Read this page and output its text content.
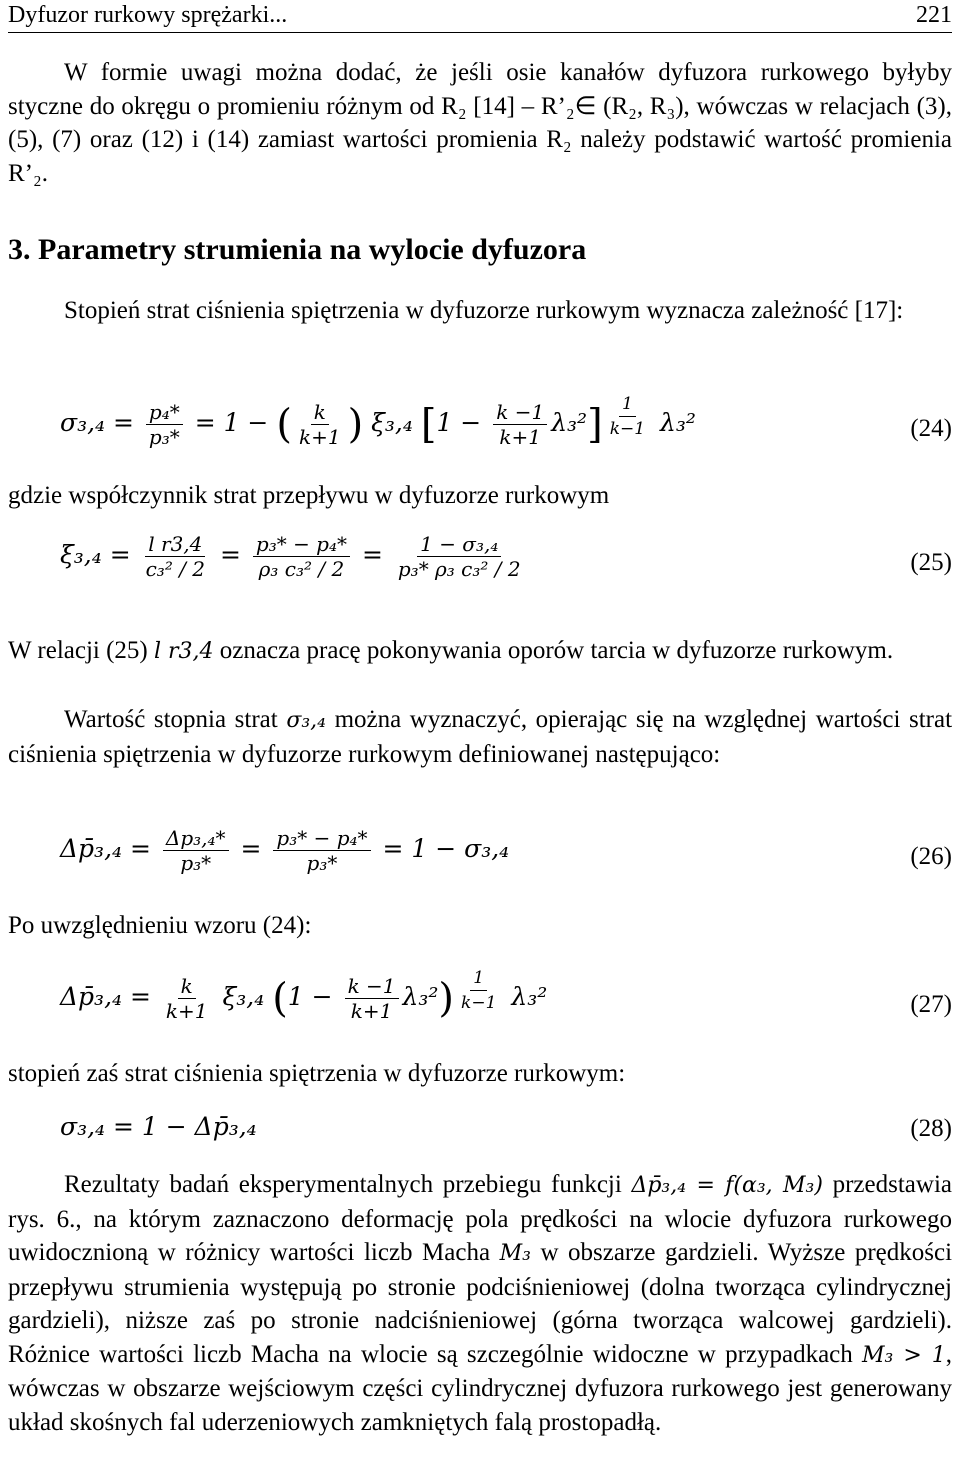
Dyfuzor rurkowy sprężarki...	221

W formie uwagi można dodać, że jeśli osie kanałów dyfuzora rurkowego byłyby styczne do okręgu o promieniu różnym od R₂ [14] – R’₂∈ (R₂, R₃), wówczas w relacjach (3), (5), (7) oraz (12) i (14) zamiast wartości promienia R₂ należy podstawić wartość promienia R’₂.

3. Parametry strumienia na wylocie dyfuzora

Stopień strat ciśnienia spiętrzenia w dyfuzorze rurkowym wyznacza zależność [17]:

$\sigma_3,_4 = \frac{\text{p₄*}}{\text{p₃*}} = 1$ − ( $\frac{k}{k+1}$ ) ξ₃,₄ $[1 - \frac{k -1}{k+1} \lambda_3^2] \frac{1}{k-1} \lambda_3^2$	(24)
gdzie współczynnik strat przepływu w dyfuzorze rurkowym
$\xi_3,_4 = \frac{\text{l r3,4}}{\text{c₃² / 2}} = \frac{\text{p₃* − p₄*}}{\text{ρ₃ c₃² / 2}} = \frac{\text{1 − σ₃,₄}}{\text{p₃* ρ₃ c₃² / 2}}$	(25)

W relacji (25) l r3,4 oznacza pracę pokonywania oporów tarcia w dyfuzorze rurkowym.

Wartość stopnia strat σ₃,₄ można wyznaczyć, opierając się na względnej wartości strat ciśnienia spiętrzenia w dyfuzorze rurkowym definiowanej następująco:

Δp̄₃,₄ = $\frac{\text{Δp₃,₄*}}{\text{p₃*}} = \frac{\text{p₃* − p₄*}}{\text{p₃*}} = 1 - \sigma_3,_4$	(26)
Po uwzględnieniu wzoru (24):
Δp̄₃,₄ = $\frac{k}{k+1} \xi_3,_4$ $(1 - \frac{k -1}{k+1} \lambda_3^2) \frac{1}{k-1} \lambda_3^2$	(27)
stopień zaś strat ciśnienia spiętrzenia w dyfuzorze rurkowym:
σ₃,₄ = 1 − Δp̄₃,₄	(28)

Rezultaty badań eksperymentalnych przebiegu funkcji Δp̄₃,₄ = f(α₃, M₃) przedstawia rys. 6., na którym zaznaczono deformację pola prędkości na wlocie dyfuzora rurkowego uwidocznioną w różnicy wartości liczb Macha M₃ w obszarze gardzieli. Wyższe prędkości przepływu strumienia występują po stronie podciśnieniowej (dolna tworząca cylindrycznej gardzieli), niższe zaś po stronie nadciśnieniowej (górna tworząca walcowej gardzieli). Różnice wartości liczb Macha na wlocie są szczególnie widoczne w przypadkach M₃ > 1, wówczas w obszarze wejściowym części cylindrycznej dyfuzora rurkowego jest generowany układ skośnych fal uderzeniowych zamkniętych falą prostopadłą.
